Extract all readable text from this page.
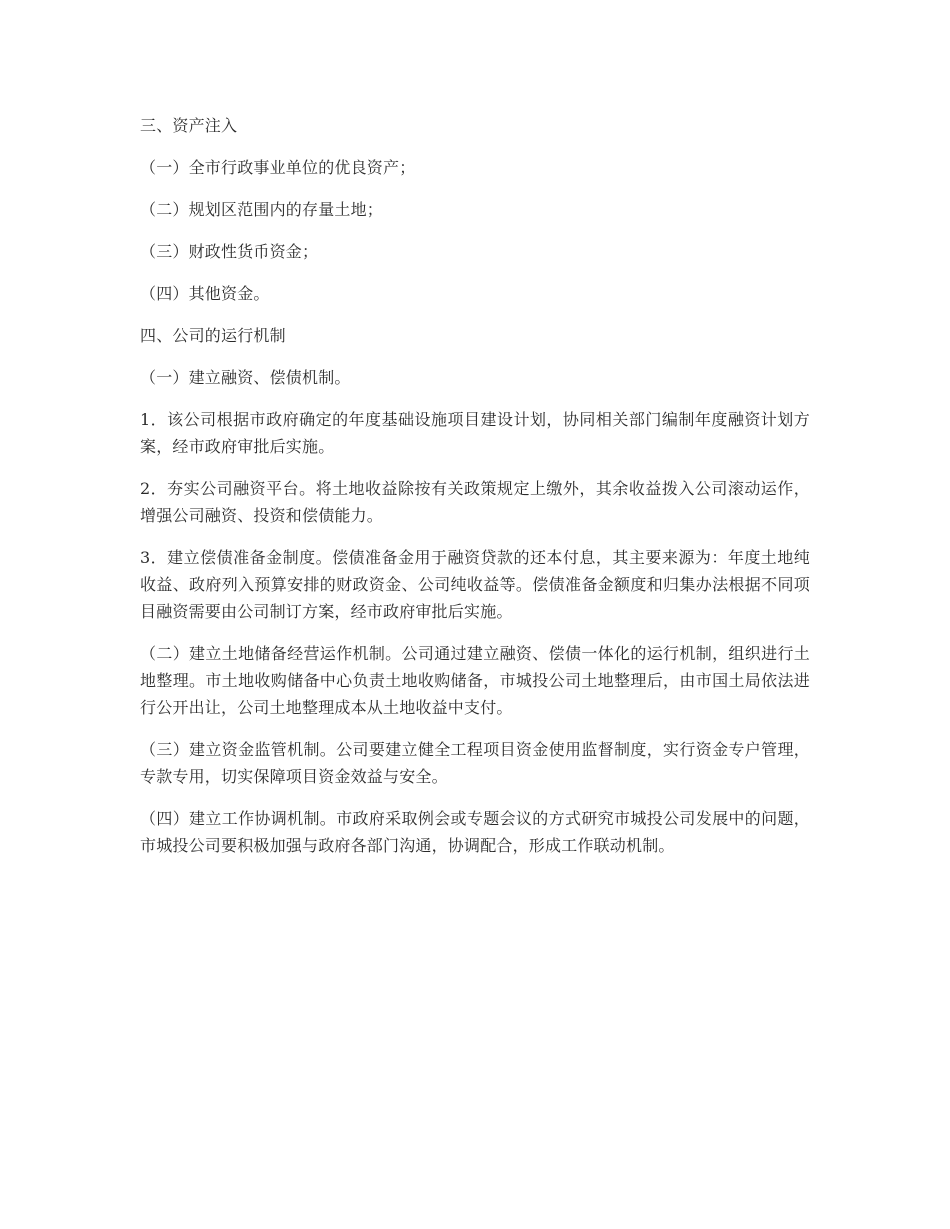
三、资产注入

（一）全市行政事业单位的优良资产；

（二）规划区范围内的存量土地；

（三）财政性货币资金；

（四）其他资金。

四、公司的运行机制

（一）建立融资、偿债机制。

1．该公司根据市政府确定的年度基础设施项目建设计划，协同相关部门编制年度融资计划方案，经市政府审批后实施。

2．夯实公司融资平台。将土地收益除按有关政策规定上缴外，其余收益拨入公司滚动运作，增强公司融资、投资和偿债能力。

3．建立偿债准备金制度。偿债准备金用于融资贷款的还本付息，其主要来源为：年度土地纯收益、政府列入预算安排的财政资金、公司纯收益等。偿债准备金额度和归集办法根据不同项目融资需要由公司制订方案，经市政府审批后实施。

（二）建立土地储备经营运作机制。公司通过建立融资、偿债一体化的运行机制，组织进行土地整理。市土地收购储备中心负责土地收购储备，市城投公司土地整理后，由市国土局依法进行公开出让，公司土地整理成本从土地收益中支付。

（三）建立资金监管机制。公司要建立健全工程项目资金使用监督制度，实行资金专户管理，专款专用，切实保障项目资金效益与安全。

（四）建立工作协调机制。市政府采取例会或专题会议的方式研究市城投公司发展中的问题，市城投公司要积极加强与政府各部门沟通，协调配合，形成工作联动机制。
